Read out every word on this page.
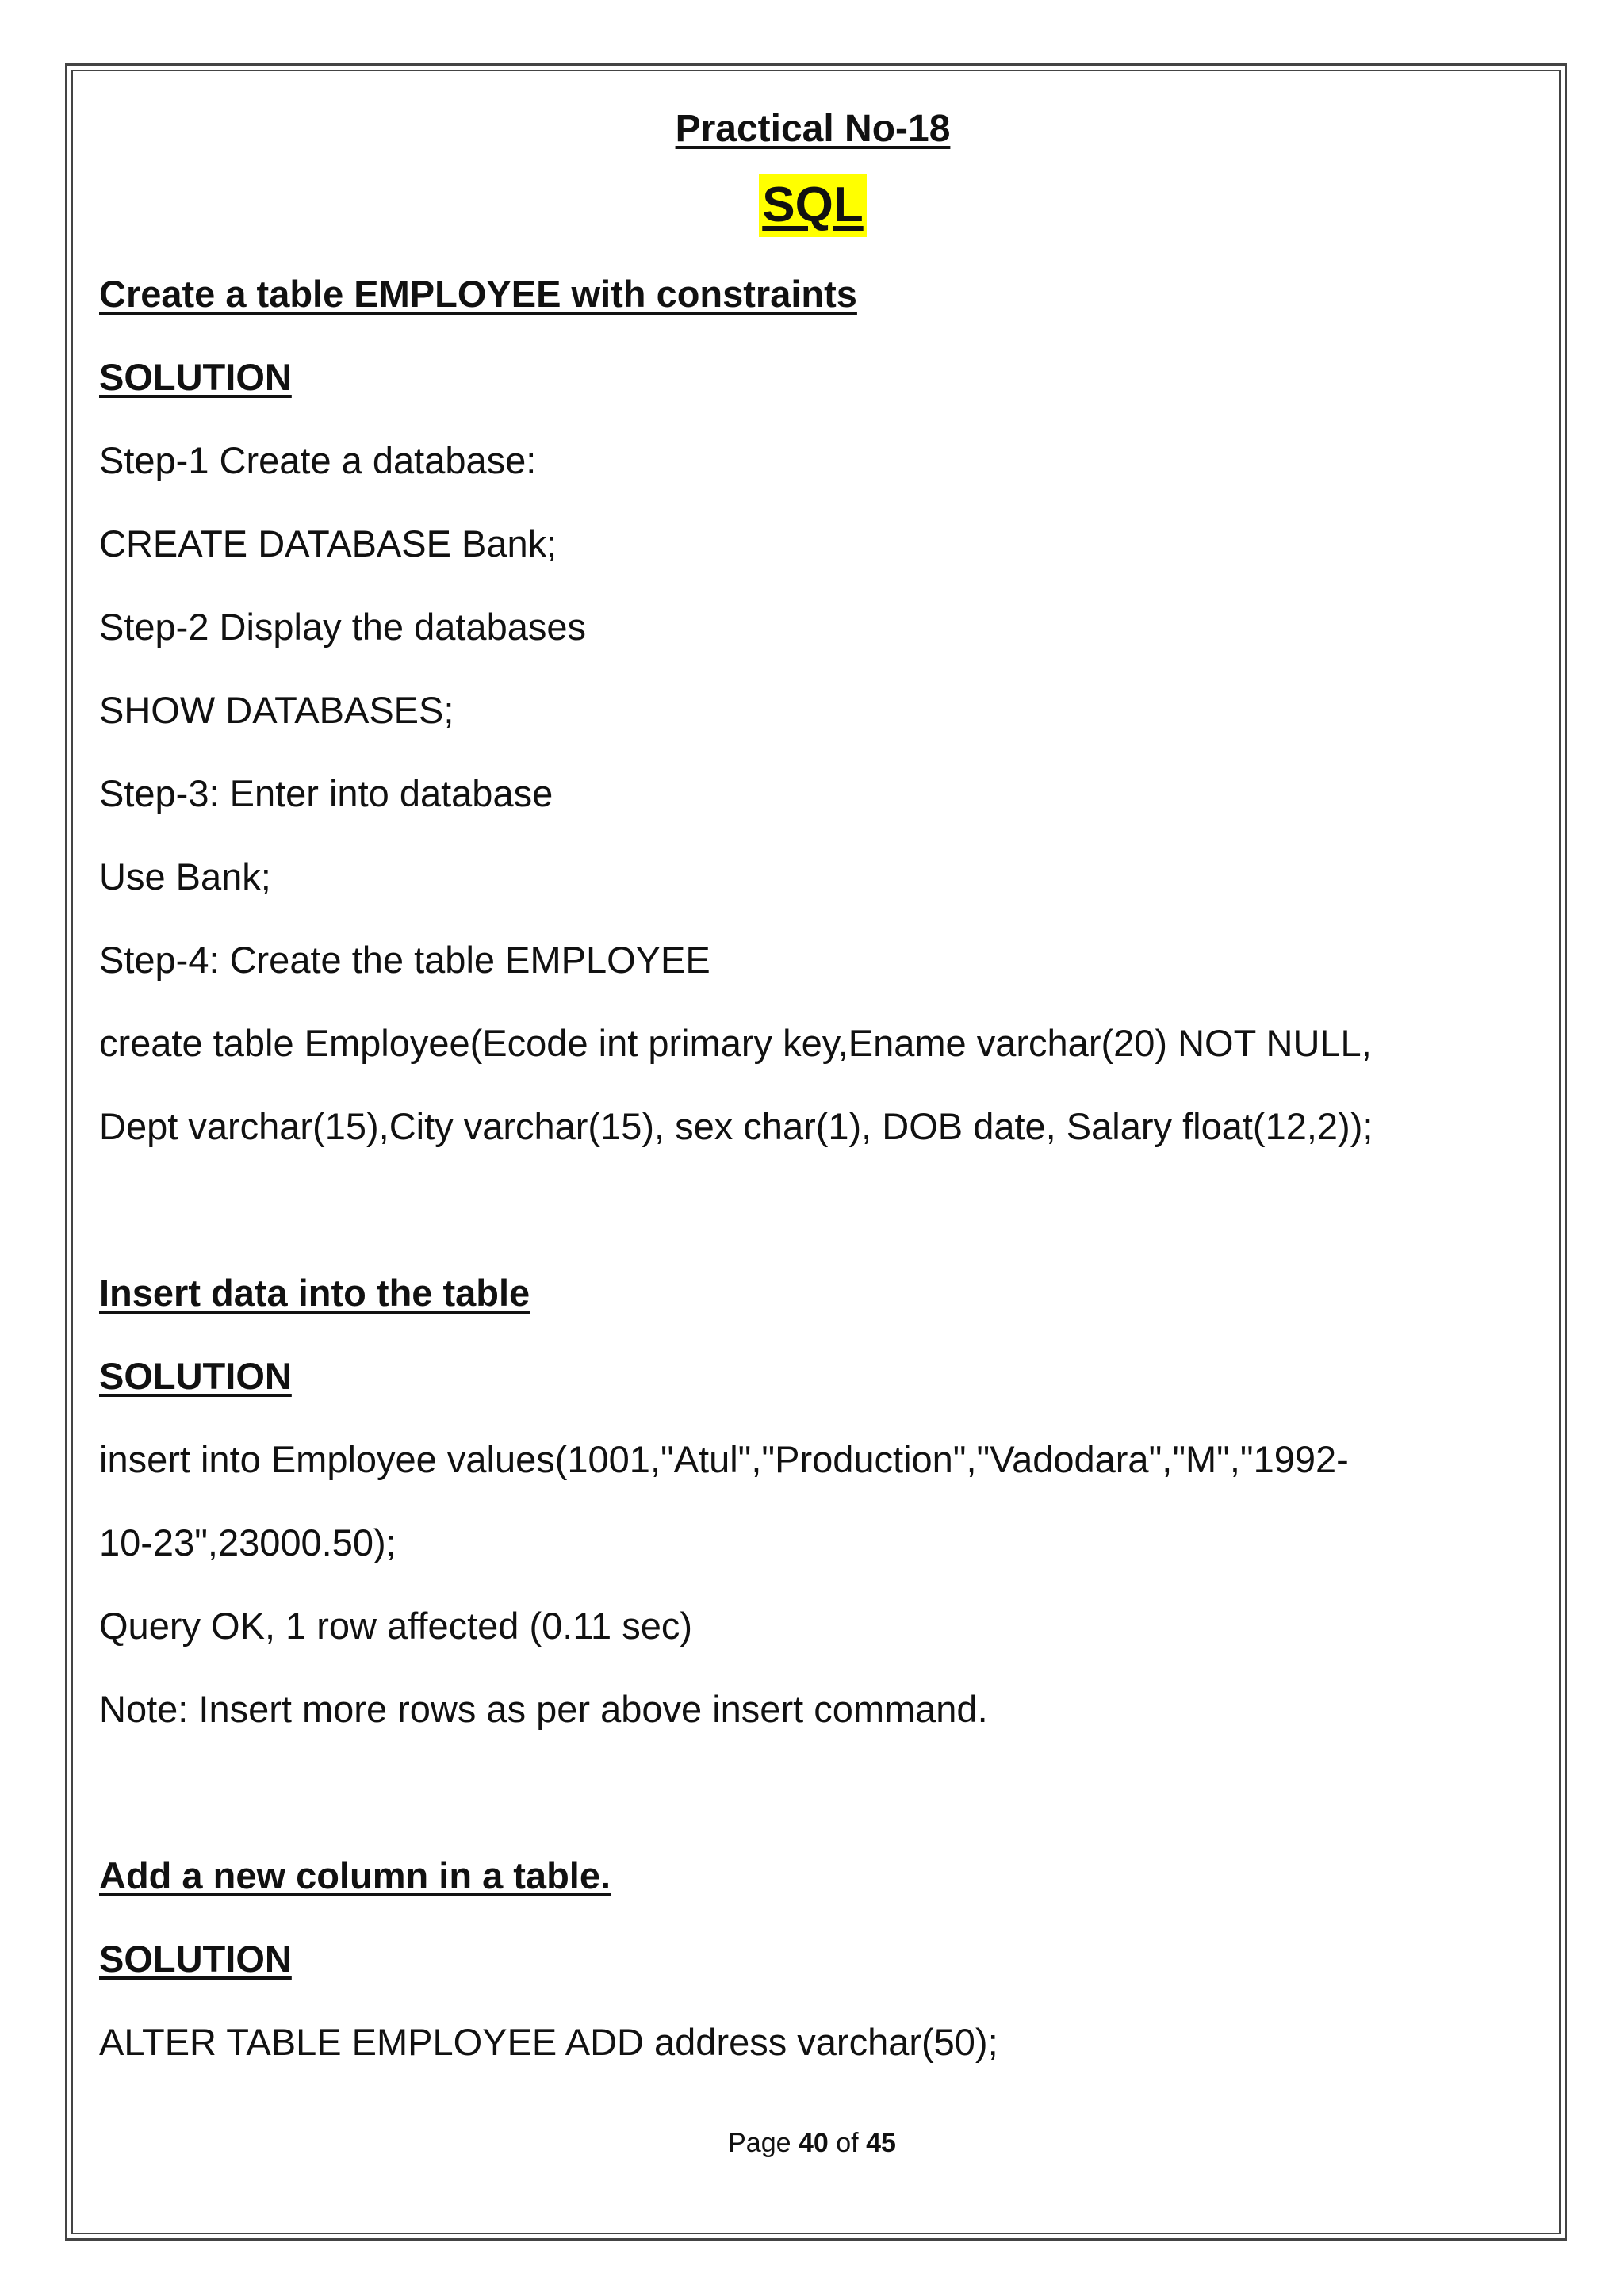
Practical No-18
SQL
Create a table EMPLOYEE with constraints
SOLUTION
Step-1 Create a database:
CREATE DATABASE Bank;
Step-2 Display the databases
SHOW DATABASES;
Step-3: Enter into database
Use Bank;
Step-4: Create the table EMPLOYEE
create table Employee(Ecode int primary key,Ename varchar(20) NOT NULL,
Dept varchar(15),City varchar(15), sex char(1), DOB date, Salary float(12,2));
Insert data into the table
SOLUTION
insert into Employee values(1001,"Atul","Production","Vadodara","M","1992-
10-23",23000.50);
Query OK, 1 row affected (0.11 sec)
Note: Insert more rows as per above insert command.
Add a new column in a table.
SOLUTION
ALTER TABLE EMPLOYEE ADD address varchar(50);
Page 40 of 45
